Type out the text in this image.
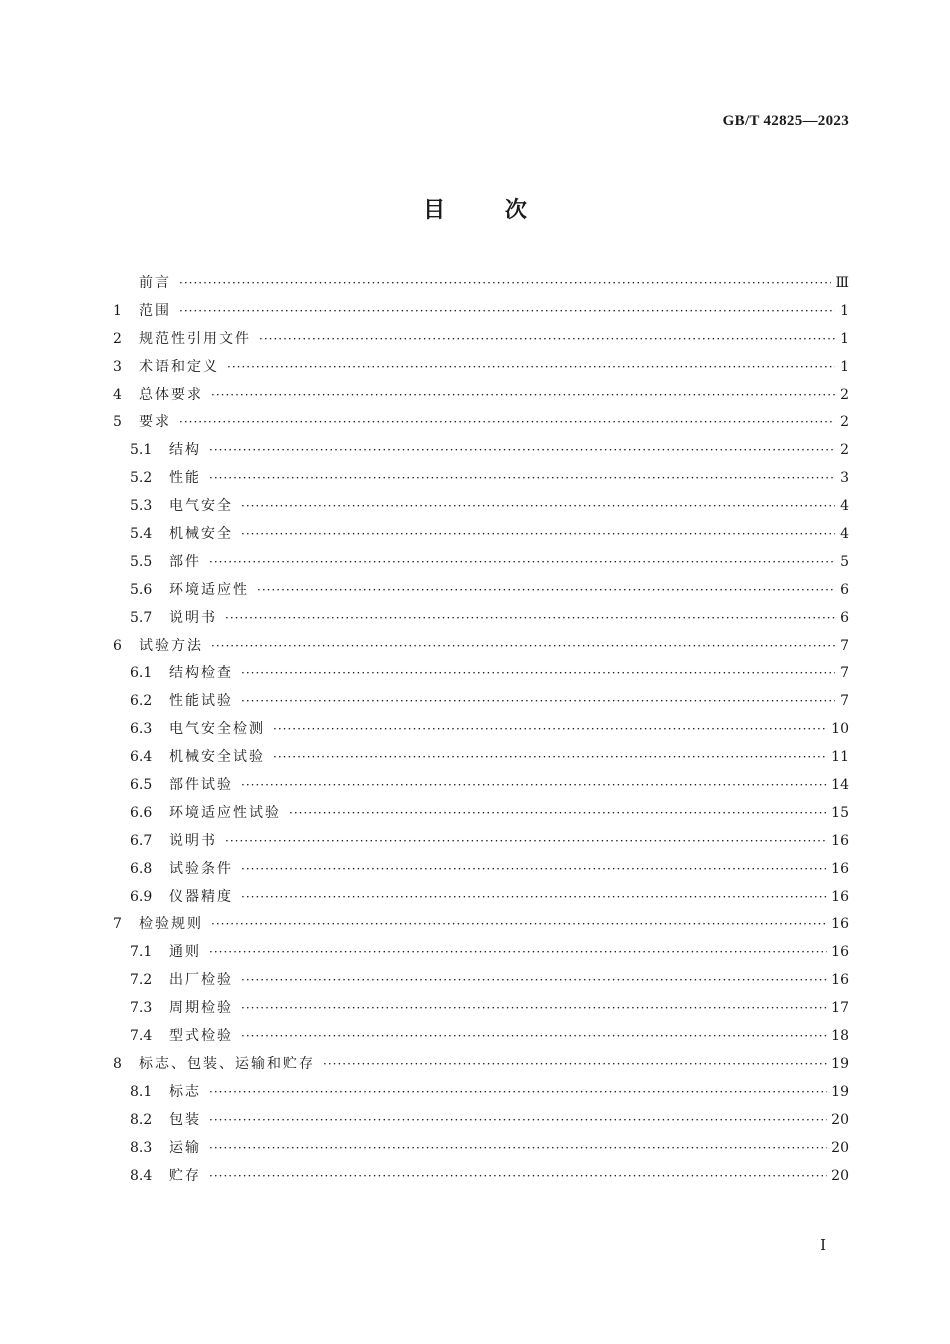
GB/T 42825—2023
目 次
前言 ·····	Ⅲ
1	范围 ·····	1
2	规范性引用文件 ·····	1
3	术语和定义 ·····	1
4	总体要求 ·····	2
5	要求 ·····	2
5.1	结构 ·····	2
5.2	性能 ·····	3
5.3	电气安全 ·····	4
5.4	机械安全 ·····	4
5.5	部件 ·····	5
5.6	环境适应性 ·····	6
5.7	说明书 ·····	6
6	试验方法 ·····	7
6.1	结构检查 ·····	7
6.2	性能试验 ·····	7
6.3	电气安全检测 ·····	10
6.4	机械安全试验 ·····	11
6.5	部件试验 ·····	14
6.6	环境适应性试验 ·····	15
6.7	说明书 ·····	16
6.8	试验条件 ·····	16
6.9	仪器精度 ·····	16
7	检验规则 ·····	16
7.1	通则 ·····	16
7.2	出厂检验 ·····	16
7.3	周期检验 ·····	17
7.4	型式检验 ·····	18
8	标志、包装、运输和贮存 ·····	19
8.1	标志 ·····	19
8.2	包装 ·····	20
8.3	运输 ·····	20
8.4	贮存 ·····	20
Ⅰ
